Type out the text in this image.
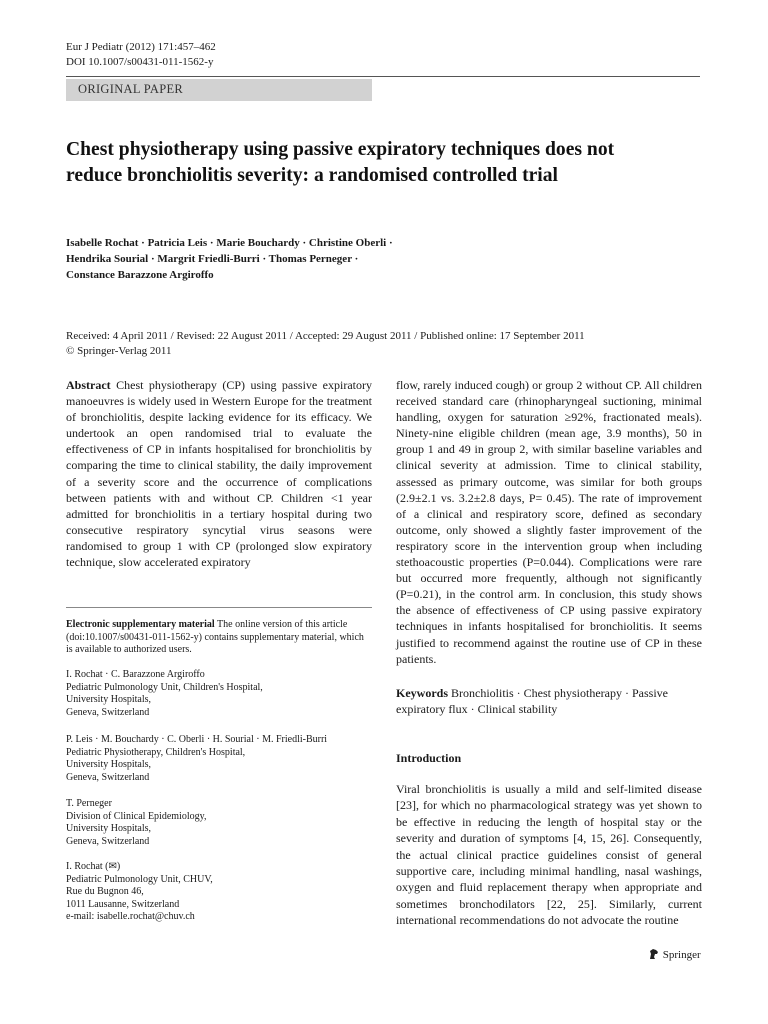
Eur J Pediatr (2012) 171:457–462
DOI 10.1007/s00431-011-1562-y
ORIGINAL PAPER
Chest physiotherapy using passive expiratory techniques does not reduce bronchiolitis severity: a randomised controlled trial
Isabelle Rochat · Patricia Leis · Marie Bouchardy · Christine Oberli ·
Hendrika Sourial · Margrit Friedli-Burri · Thomas Perneger ·
Constance Barazzone Argiroffo
Received: 4 April 2011 / Revised: 22 August 2011 / Accepted: 29 August 2011 / Published online: 17 September 2011
© Springer-Verlag 2011

Abstract Chest physiotherapy (CP) using passive expiratory manoeuvres is widely used in Western Europe for the treatment of bronchiolitis, despite lacking evidence for its efficacy. We undertook an open randomised trial to evaluate the effectiveness of CP in infants hospitalised for bronchiolitis by comparing the time to clinical stability, the daily improvement of a severity score and the occurrence of complications between patients with and without CP. Children <1 year admitted for bronchiolitis in a tertiary hospital during two consecutive respiratory syncytial virus seasons were randomised to group 1 with CP (prolonged slow expiratory technique, slow accelerated expiratory

flow, rarely induced cough) or group 2 without CP. All children received standard care (rhinopharyngeal suctioning, minimal handling, oxygen for saturation ≥92%, fractionated meals). Ninety-nine eligible children (mean age, 3.9 months), 50 in group 1 and 49 in group 2, with similar baseline variables and clinical severity at admission. Time to clinical stability, assessed as primary outcome, was similar for both groups (2.9±2.1 vs. 3.2±2.8 days, P= 0.45). The rate of improvement of a clinical and respiratory score, defined as secondary outcome, only showed a slightly faster improvement of the respiratory score in the intervention group when including stethoacoustic properties (P=0.044). Complications were rare but occurred more frequently, although not significantly (P=0.21), in the control arm. In conclusion, this study shows the absence of effectiveness of CP using passive expiratory techniques in infants hospitalised for bronchiolitis. It seems justified to recommend against the routine use of CP in these patients.

Keywords Bronchiolitis · Chest physiotherapy · Passive expiratory flux · Clinical stability
Electronic supplementary material The online version of this article (doi:10.1007/s00431-011-1562-y) contains supplementary material, which is available to authorized users.
I. Rochat · C. Barazzone Argiroffo
Pediatric Pulmonology Unit, Children's Hospital,
University Hospitals,
Geneva, Switzerland
P. Leis · M. Bouchardy · C. Oberli · H. Sourial · M. Friedli-Burri
Pediatric Physiotherapy, Children's Hospital,
University Hospitals,
Geneva, Switzerland
T. Perneger
Division of Clinical Epidemiology,
University Hospitals,
Geneva, Switzerland
I. Rochat (✉)
Pediatric Pulmonology Unit, CHUV,
Rue du Bugnon 46,
1011 Lausanne, Switzerland
e-mail: isabelle.rochat@chuv.ch
Introduction
Viral bronchiolitis is usually a mild and self-limited disease [23], for which no pharmacological strategy was yet shown to be effective in reducing the length of hospital stay or the severity and duration of symptoms [4, 15, 26]. Consequently, the actual clinical practice guidelines consist of general supportive care, including minimal handling, nasal washings, oxygen and fluid replacement therapy when appropriate and sometimes bronchodilators [22, 25]. Similarly, current international recommendations do not advocate the routine
Springer
